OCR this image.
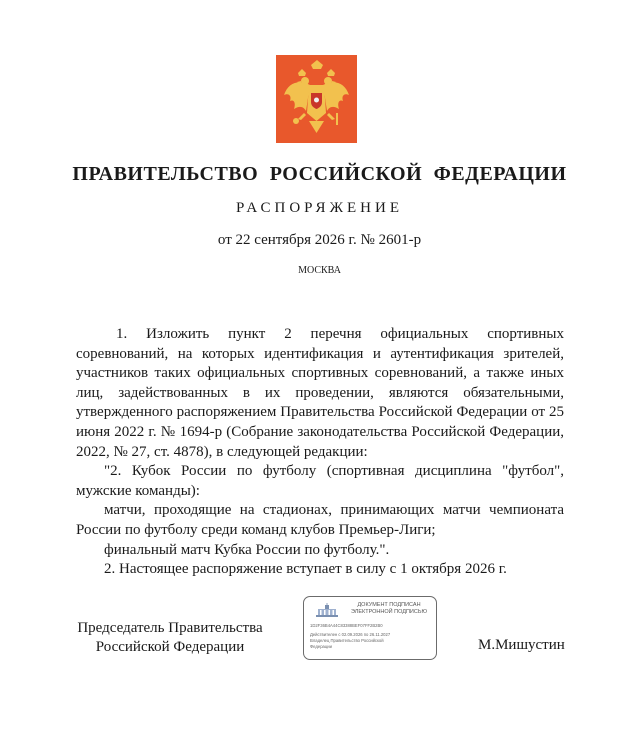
ПРАВИТЕЛЬСТВО РОССИЙСКОЙ ФЕДЕРАЦИИ
РАСПОРЯЖЕНИЕ
от 22 сентября 2026 г. № 2601-р
МОСКВА

1. Изложить пункт 2 перечня официальных спортивных соревнований, на которых идентификация и аутентификация зрителей, участников таких официальных спортивных соревнований, а также иных лиц, задействованных в их проведении, являются обязательными, утвержденного распоряжением Правительства Российской Федерации от 25 июня 2022 г. № 1694-р (Собрание законодательства Российской Федерации, 2022, № 27, ст. 4878), в следующей редакции:

"2. Кубок России по футболу (спортивная дисциплина "футбол", мужские команды):

матчи, проходящие на стадионах, принимающих матчи чемпионата России по футболу среди команд клубов Премьер-Лиги;

финальный матч Кубка России по футболу.".

2. Настоящее распоряжение вступает в силу с 1 октября 2026 г.

Председатель Правительства
Российской Федерации
ДОКУМЕНТ ПОДПИСАН
ЭЛЕКТРОННОЙ ПОДПИСЬЮ
1D2F36B4A44C83388BEF07FF2B2B0
Действителен с 02.09.2026 по 26.11.2027
Владелец Правительство Российской
Федерации	М.Мишустин
